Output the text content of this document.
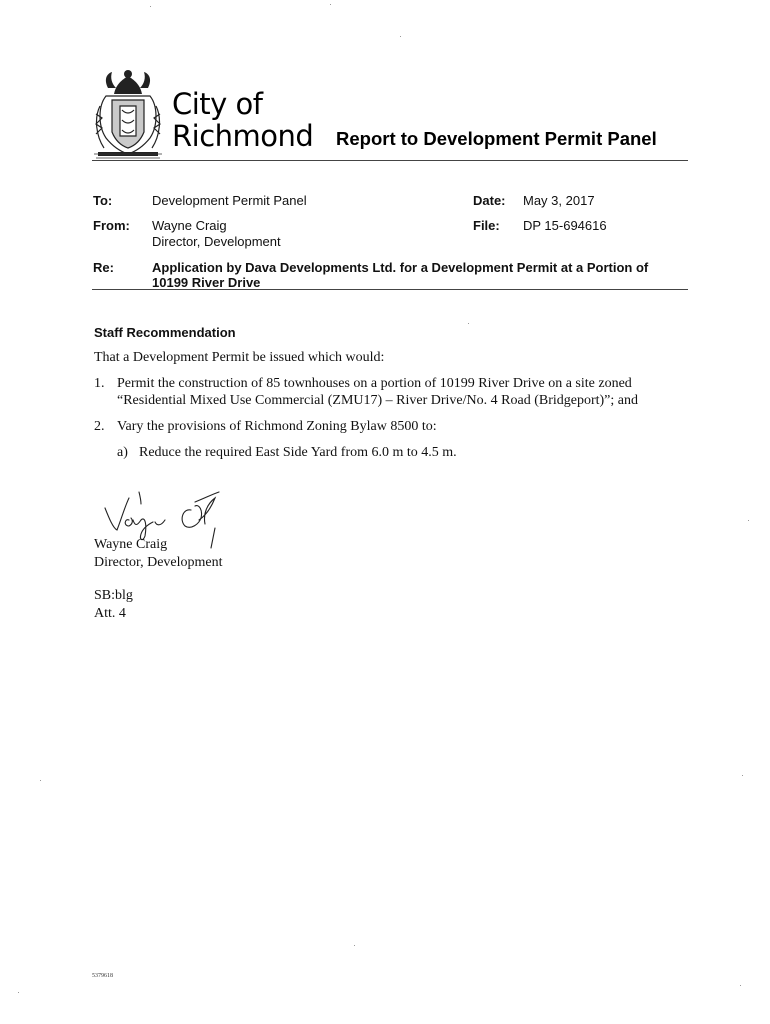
City of
Richmond Report to Development Permit Panel
To:	Development Permit Panel
From: Wayne Craig
Director, Development
Date: May 3, 2017
File: DP 15-694616
Re:	Application by Dava Developments Ltd. for a Development Permit at a Portion of
10199 River Drive
Staff Recommendation
That a Development Permit be issued which would:
1. Permit the construction of 85 townhouses on a portion of 10199 River Drive on a site zoned
“Residential Mixed Use Commercial (ZMU17) – River Drive/No. 4 Road (Bridgeport)”; and
2. Vary the provisions of Richmond Zoning Bylaw 8500 to:
a) Reduce the required East Side Yard from 6.0 m to 4.5 m.
Wayne Craig
Director, Development
SB:blg
Att. 4
5379618
